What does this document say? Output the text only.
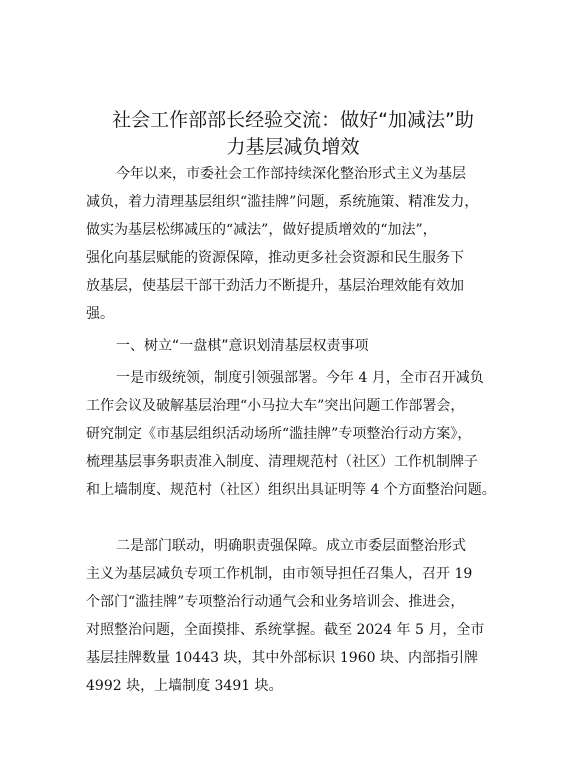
社会工作部部长经验交流：做好“加减法”助
力基层减负增效
今年以来，市委社会工作部持续深化整治形式主义为基层
减负，着力清理基层组织“滥挂牌”问题，系统施策、精准发力，
做实为基层松绑减压的“减法”，做好提质增效的“加法”，
强化向基层赋能的资源保障，推动更多社会资源和民生服务下
放基层，使基层干部干劲活力不断提升，基层治理效能有效加
强。
一、树立“一盘棋”意识划清基层权责事项
一是市级统领，制度引领强部署。今年 4 月，全市召开减负
工作会议及破解基层治理“小马拉大车”突出问题工作部署会，
研究制定《市基层组织活动场所“滥挂牌”专项整治行动方案》，
梳理基层事务职责准入制度、清理规范村（社区）工作机制牌子
和上墙制度、规范村（社区）组织出具证明等 4 个方面整治问题。
二是部门联动，明确职责强保障。成立市委层面整治形式
主义为基层减负专项工作机制，由市领导担任召集人，召开 19
个部门“滥挂牌”专项整治行动通气会和业务培训会、推进会，
对照整治问题，全面摸排、系统掌握。截至 2024 年 5 月，全市
基层挂牌数量 10443 块，其中外部标识 1960 块、内部指引牌
4992 块，上墙制度 3491 块。
